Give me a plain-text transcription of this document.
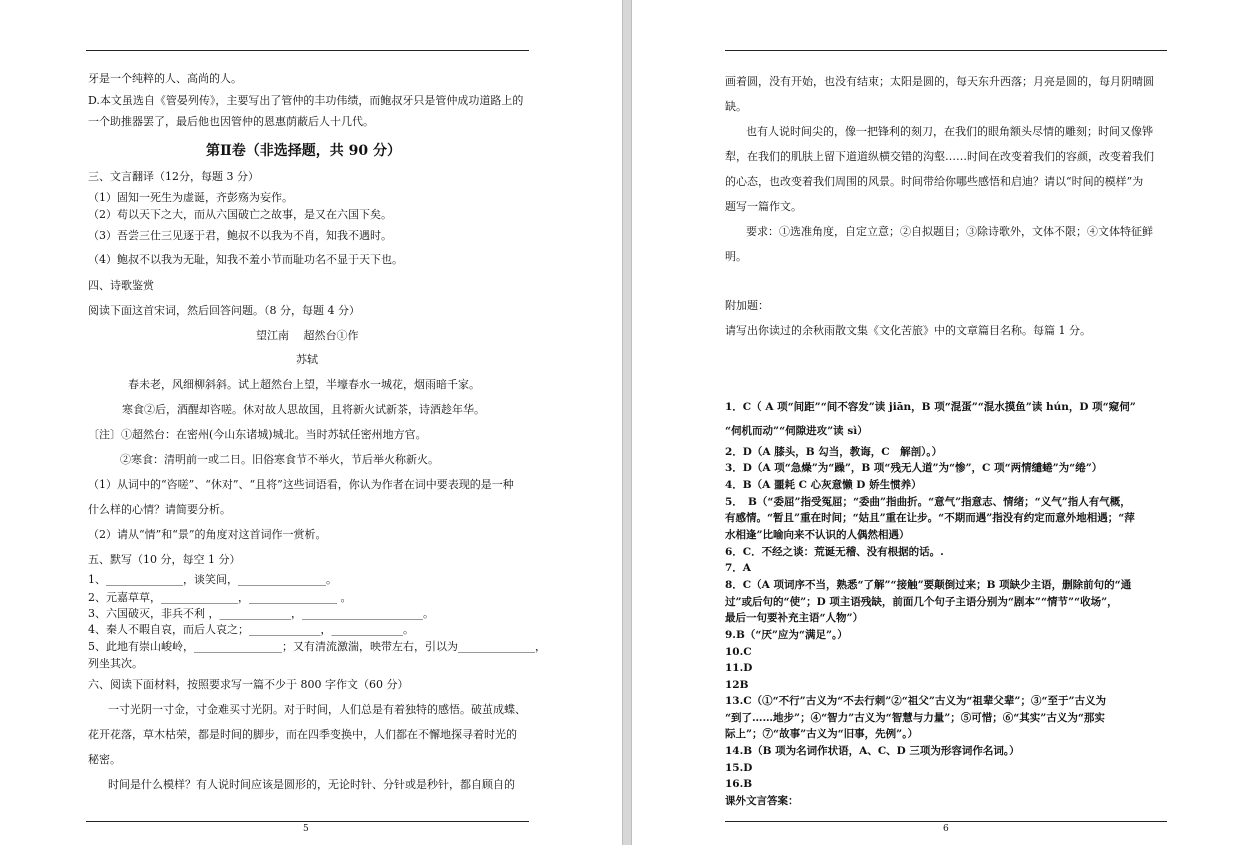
牙是一个纯粹的人、高尚的人。
D.本文虽选自《管晏列传》，主要写出了管仲的丰功伟绩，而鲍叔牙只是管仲成功道路上的
一个助推器罢了，最后他也因管仲的恩惠荫蔽后人十几代。
第Ⅱ卷（非选择题，共 90 分）
三、文言翻译（12分，每题 3 分）
（1）固知一死生为虚诞，齐彭殇为妄作。
（2）苟以天下之大，而从六国破亡之故事，是又在六国下矣。
（3）吾尝三仕三见逐于君，鲍叔不以我为不肖，知我不遇时。
（4）鲍叔不以我为无耻，知我不羞小节而耻功名不显于天下也。
四、诗歌鉴赏
阅读下面这首宋词，然后回答问题。（8 分，每题 4 分）
望江南　 超然台①作
苏轼
春未老，风细柳斜斜。试上超然台上望，半壕春水一城花，烟雨暗千家。
寒食②后，酒醒却咨嗟。休对故人思故国，且将新火试新茶，诗酒趁年华。
〔注〕①超然台：在密州(今山东诸城)城北。当时苏轼任密州地方官。
②寒食：清明前一或二日。旧俗寒食节不举火，节后举火称新火。
（1）从词中的“咨嗟”、“休对”、“且将”这些词语看，你认为作者在词中要表现的是一种
什么样的心情？请简要分析。
（2）请从“情”和“景”的角度对这首词作一赏析。
五、默写（10 分，每空 1 分）
1、______________，谈笑间，________________。
2、元嘉草草，______________，________________ 。
3、六国破灭，非兵不利 ，_____________，______________________。
4、秦人不暇自哀，而后人哀之；_____________，_____________。
5、此地有崇山峻岭，________________；又有清流激湍，映带左右，引以为______________，
列坐其次。
六、阅读下面材料，按照要求写一篇不少于 800 字作文（60 分）
一寸光阴一寸金，寸金难买寸光阴。对于时间，人们总是有着独特的感悟。破茧成蝶、
花开花落，草木枯荣，都是时间的脚步，而在四季变换中，人们都在不懈地探寻着时光的
秘密。
时间是什么模样？有人说时间应该是圆形的，无论时针、分针或是秒针，都自顾自的
5
画着圆，没有开始，也没有结束；太阳是圆的，每天东升西落；月亮是圆的，每月阴晴圆
缺。
也有人说时间尖的，像一把锋利的刻刀，在我们的眼角额头尽情的雕刻；时间又像铧
犁，在我们的肌肤上留下道道纵横交错的沟壑……时间在改变着我们的容颜，改变着我们
的心态，也改变着我们周围的风景。时间带给你哪些感悟和启迪？请以“时间的模样”为
题写一篇作文。
要求：①选准角度，自定立意；②自拟题目；③除诗歌外，文体不限；④文体特征鲜
明。
附加题：
请写出你读过的余秋雨散文集《文化苦旅》中的文章篇目名称。每篇 1 分。
1．C（ A 项“间距”“间不容发”读 jiān，B 项“混蛋”“混水摸鱼”读 hún，D 项“窥伺”
“伺机而动”“伺隙进攻”读 sì）
2．D（A 膝头，B 勾当，教诲，C　解剖）。）
3．D（A 项“急燥”为“躁”，B 项“残无人道”为“惨”，C 项“两情缱蜷”为“绻”）
4．B（A 噩耗 C 心灰意懒 D 娇生惯养）
5．　B（“委屈”指受冤屈；“委曲”指曲折。“意气”指意志、情绪；“义气”指人有气概，
有感情。“暂且”重在时间；“姑且”重在让步。“不期而遇”指没有约定而意外地相遇；“萍
水相逢”比喻向来不认识的人偶然相遇）
6．C．不经之谈：荒诞无稽、没有根据的话。.
7．A
8．C（A 项词序不当，熟悉“了解”“接触”要颠倒过来；B 项缺少主语，删除前句的“通
过”或后句的“使”；D 项主语残缺，前面几个句子主语分别为“剧本”“情节”“收场”，
最后一句要补充主语“人物”）
9.B（“厌”应为“满足”。）
10.C
11.D
12B
13.C（①“不行”古义为“不去行刺”②“祖父”古义为“祖辈父辈”；③“至于”古义为
“到了……地步”；④“智力”古义为“智慧与力量”；⑤可惜；⑥“其实”古义为“那实
际上”；⑦“故事”古义为“旧事，先例”。）
14.B（B 项为名词作状语，A、C、D 三项为形容词作名词。）
15.D
16.B
课外文言答案：
6
